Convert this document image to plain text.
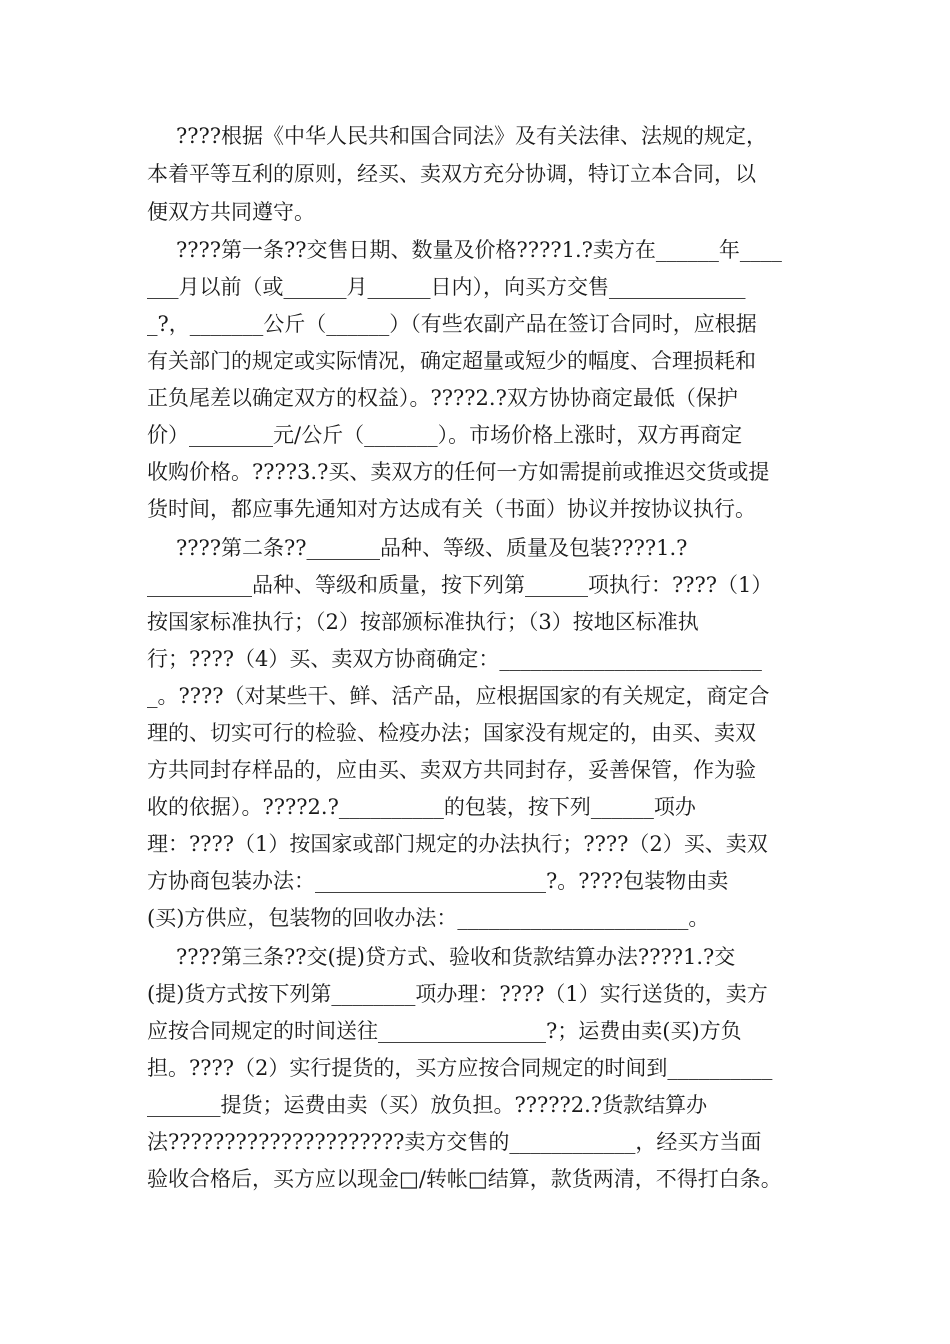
????根据《中华人民共和国合同法》及有关法律、法规的规定，
本着平等互利的原则，经买、卖双方充分协调，特订立本合同，以
便双方共同遵守。
????第一条??交售日期、数量及价格????1.?卖方在______年____
___月以前（或______月______日内），向买方交售_____________
_?，_______公斤（______）（有些农副产品在签订合同时，应根据
有关部门的规定或实际情况，确定超量或短少的幅度、合理损耗和
正负尾差以确定双方的权益）。????2.?双方协协商定最低（保护
价）________元/公斤（_______）。市场价格上涨时，双方再商定
收购价格。????3.?买、卖双方的任何一方如需提前或推迟交货或提
货时间，都应事先通知对方达成有关（书面）协议并按协议执行。
????第二条??_______品种、等级、质量及包装????1.?
__________品种、等级和质量，按下列第______项执行：????（1）
按国家标准执行；（2）按部颁标准执行；（3）按地区标准执
行；????（4）买、卖双方协商确定：_________________________
_。????（对某些干、鲜、活产品，应根据国家的有关规定，商定合
理的、切实可行的检验、检疫办法；国家没有规定的，由买、卖双
方共同封存样品的，应由买、卖双方共同封存，妥善保管，作为验
收的依据）。????2.?__________的包装，按下列______项办
理：????（1）按国家或部门规定的办法执行；????（2）买、卖双
方协商包装办法：______________________?。????包装物由卖
(买)方供应，包装物的回收办法：______________________。
????第三条??交(提)贷方式、验收和货款结算办法????1.?交
(提)货方式按下列第________项办理：????（1）实行送货的，卖方
应按合同规定的时间送往________________?；运费由卖(买)方负
担。????（2）实行提货的，买方应按合同规定的时间到__________
_______提货；运费由卖（买）放负担。?????2.?货款结算办
法?????????????????????卖方交售的____________，经买方当面
验收合格后，买方应以现金□/转帐□结算，款货两清，不得打白条。
